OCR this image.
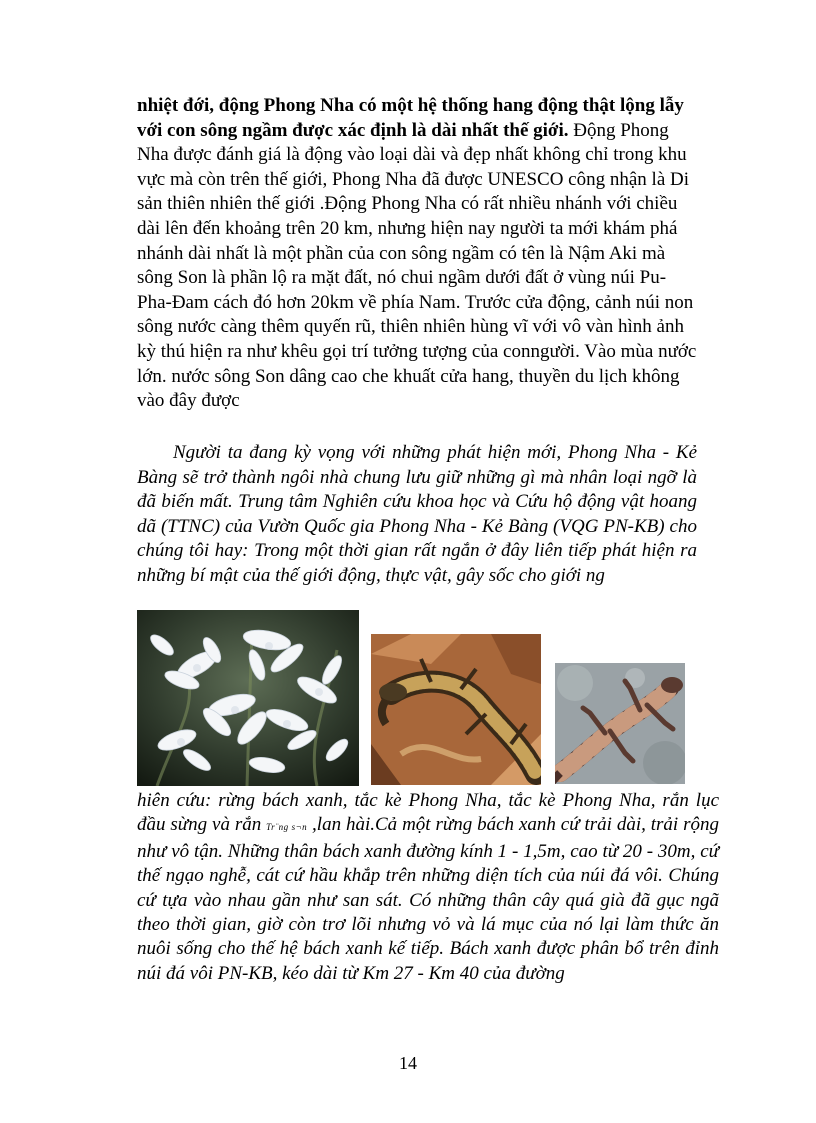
nhiệt đới, động Phong Nha có một hệ thống hang động thật lộng lẫy với con sông ngầm được xác định là dài nhất thế giới. Động Phong Nha được đánh giá là động vào loại dài và đẹp nhất không chỉ trong khu vực mà còn trên thế giới, Phong Nha đã được UNESCO công nhận là Di sản thiên nhiên thế giới .Động Phong Nha có rất nhiều nhánh với chiều dài lên đến khoảng trên 20 km, nhưng hiện nay người ta mới khám phá nhánh dài nhất là một phần của con sông ngầm có tên là Nậm Aki mà sông Son là phần lộ ra mặt đất, nó chui ngầm dưới đất ở vùng núi Pu-Pha-Đam cách đó hơn 20km về phía Nam. Trước cửa động, cảnh núi non sông nước càng thêm quyến rũ, thiên nhiên hùng vĩ với vô vàn hình ảnh kỳ thú hiện ra như khêu gọi trí tưởng tượng của conngười. Vào mùa nước lớn. nước sông Son dâng cao che khuất cửa hang, thuyền du lịch không vào đây được

Người ta đang kỳ vọng với những phát hiện mới, Phong Nha - Kẻ Bàng sẽ trở thành ngôi nhà chung lưu giữ những gì mà nhân loại ngỡ là đã biến mất. Trung tâm Nghiên cứu khoa học và Cứu hộ động vật hoang dã (TTNC) của Vườn Quốc gia Phong Nha - Kẻ Bàng (VQG PN-KB) cho chúng tôi hay: Trong một thời gian rất ngắn ở đây liên tiếp phát hiện ra những bí mật của thế giới động, thực vật, gây sốc cho giới ng

hiên cứu: rừng bách xanh, tắc kè Phong Nha, tắc kè Phong Nha, rắn lục đầu sừng và rắn Tr¨ng s¬n ,lan hài.Cả một rừng bách xanh cứ trải dài, trải rộng như vô tận. Những thân bách xanh đường kính 1 - 1,5m, cao từ 20 - 30m, cứ thế ngạo nghễ, cát cứ hầu khắp trên những diện tích của núi đá vôi. Chúng cứ tựa vào nhau gần như san sát. Có những thân cây quá già đã gục ngã theo thời gian, giờ còn trơ lõi nhưng vỏ và lá mục của nó lại làm thức ăn nuôi sống cho thế hệ bách xanh kế tiếp. Bách xanh được phân bổ trên đỉnh núi đá vôi PN-KB, kéo dài từ Km 27 - Km 40 của đường

14
